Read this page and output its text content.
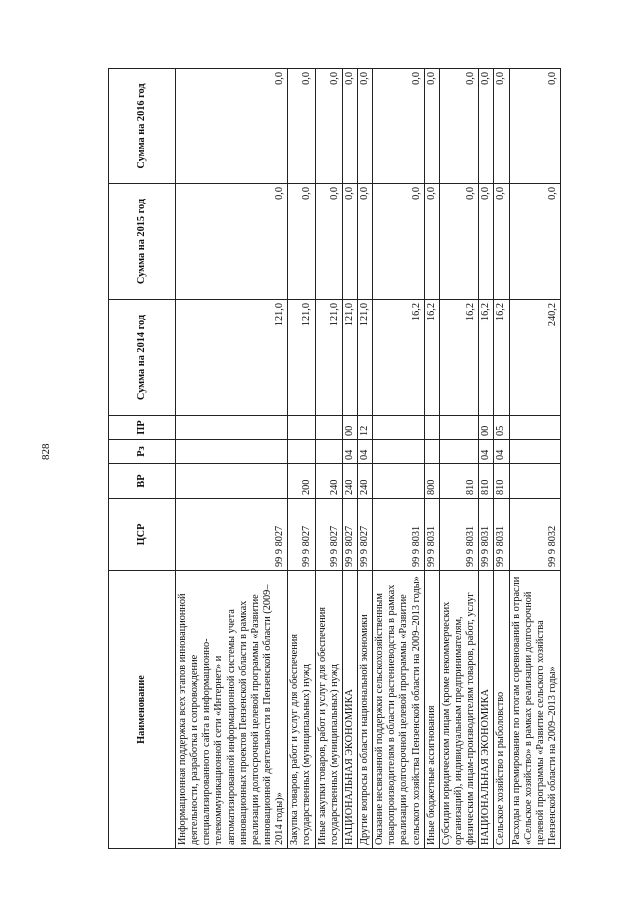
828
Наименование	ЦСР	ВР	Рз	ПР	Сумма на 2014 год	Сумма на 2015 год	Сумма на 2016 год
Информационная поддержка всех этапов инновационной деятельности, разработка и сопровождение специализированного сайта в информационно-телекоммуникационной сети «Интернет» и автоматизированной информационной системы учета инновационных проектов Пензенской области в рамках реализации долгосрочной целевой программы «Развитие инновационной деятельности в Пензенской области (2009–2014 годы)»	99 9 8027				121,0	0,0	0,0
Закупка товаров, работ и услуг для обеспечения государственных (муниципальных) нужд	99 9 8027	200			121,0	0,0	0,0
Иные закупки товаров, работ и услуг для обеспечения государственных (муниципальных) нужд	99 9 8027	240			121,0	0,0	0,0
НАЦИОНАЛЬНАЯ ЭКОНОМИКА	99 9 8027	240	04	00	121,0	0,0	0,0
Другие вопросы в области национальной экономики	99 9 8027	240	04	12	121,0	0,0	0,0
Оказание несвязанной поддержки сельскохозяйственным товаропроизводителям в области растениеводства в рамках реализации долгосрочной целевой программы «Развитие сельского хозяйства Пензенской области на 2009–2013 годы»	99 9 8031				16,2	0,0	0,0
Иные бюджетные ассигнования	99 9 8031	800			16,2	0,0	0,0
Субсидии юридическим лицам (кроме некоммерческих организаций), индивидуальным предпринимателям, физическим лицам-производителям товаров, работ, услуг	99 9 8031	810			16,2	0,0	0,0
НАЦИОНАЛЬНАЯ ЭКОНОМИКА	99 9 8031	810	04	00	16,2	0,0	0,0
Сельское хозяйство и рыболовство	99 9 8031	810	04	05	16,2	0,0	0,0
Расходы на премирование по итогам соревнований в отрасли «Сельское хозяйство» в рамках реализации долгосрочной целевой программы «Развитие сельского хозяйства Пензенской области на 2009–2013 годы»	99 9 8032				240,2	0,0	0,0
